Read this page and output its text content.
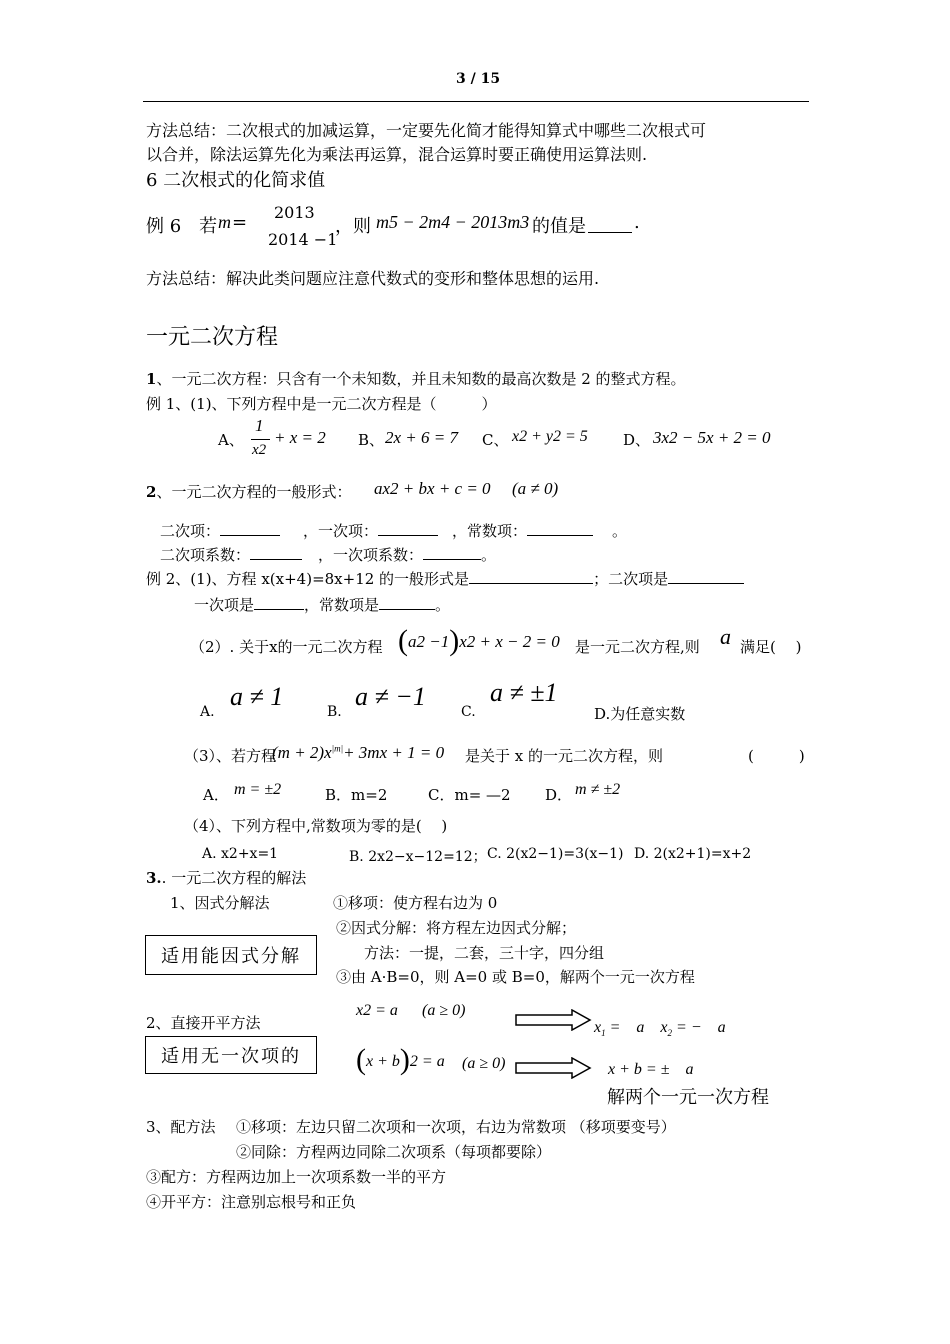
3 / 15
方法总结：二次根式的加减运算，一定要先化简才能得知算式中哪些二次根式可
以合并，除法运算先化为乘法再运算，混合运算时要正确使用运算法则.
6 二次根式的化简求值
例 6　若 m = 2013
2014 −1
，则 m5 − 2m4 − 2013m3 的值是	.
方法总结：解决此类问题应注意代数式的变形和整体思想的运用.
一元二次方程
1、一元二次方程：只含有一个未知数，并且未知数的最高次数是 2 的整式方程。
例 1、(1)、下列方程中是一元二次方程是（　　　）
A、
1
x2
+ x = 2 B、 2x + 6 = 7 C、 x2 + y2 = 5 D、 3x2 − 5x + 2 = 0
2、一元二次方程的一般形式： ax2 + bx + c = 0 (a ≠ 0)
二次项：	，一次项：	，常数项：	。
二次项系数：	，一次项系数：	。
例 2、(1)、方程 x(x+4)=8x+12 的一般形式是	；二次项是
一次项是	，常数项是	。
（2）. 关于x的一元二次方程 (a2 −1)x2 + x − 2 = 0 是一元二次方程,则 a 满足(　 )
A.
a ≠ 1
B.
a ≠ −1
C.
a ≠ ±1
D.为任意实数
（3）、若方程
$(m + 2)x^{|m|}+ 3mx + 1 = 0$ 是关于 x 的一元二次方程，则	(　　　)
A． m = ±2	B．m=2	C．m= —2 D． m ≠ ±2
（4）、下列方程中,常数项为零的是(　 )
A. x2+x=1	B. 2x2−x−12=12； C. 2(x2−1)=3(x−1) D. 2(x2+1)=x+2
3.. 一元二次方程的解法
1、因式分解法	①移项：使方程右边为 0
②因式分解：将方程左边因式分解；
方法：一提，二套，三十字，四分组
③由 A·B=0，则 A=0 或 B=0，解两个一元一次方程
适用能因式分解
2、直接开平方法
适用无一次项的
x2 = a (a ≥ 0)
$x_1$ =　a　$x_2$ = −　a
(x + b)2 = a (a ≥ 0)	x + b = ±　a
解两个一元一次方程
3、配方法 ①移项：左边只留二次项和一次项，右边为常数项 （移项要变号）
②同除：方程两边同除二次项系（每项都要除）
③配方：方程两边加上一次项系数一半的平方
④开平方：注意别忘根号和正负
